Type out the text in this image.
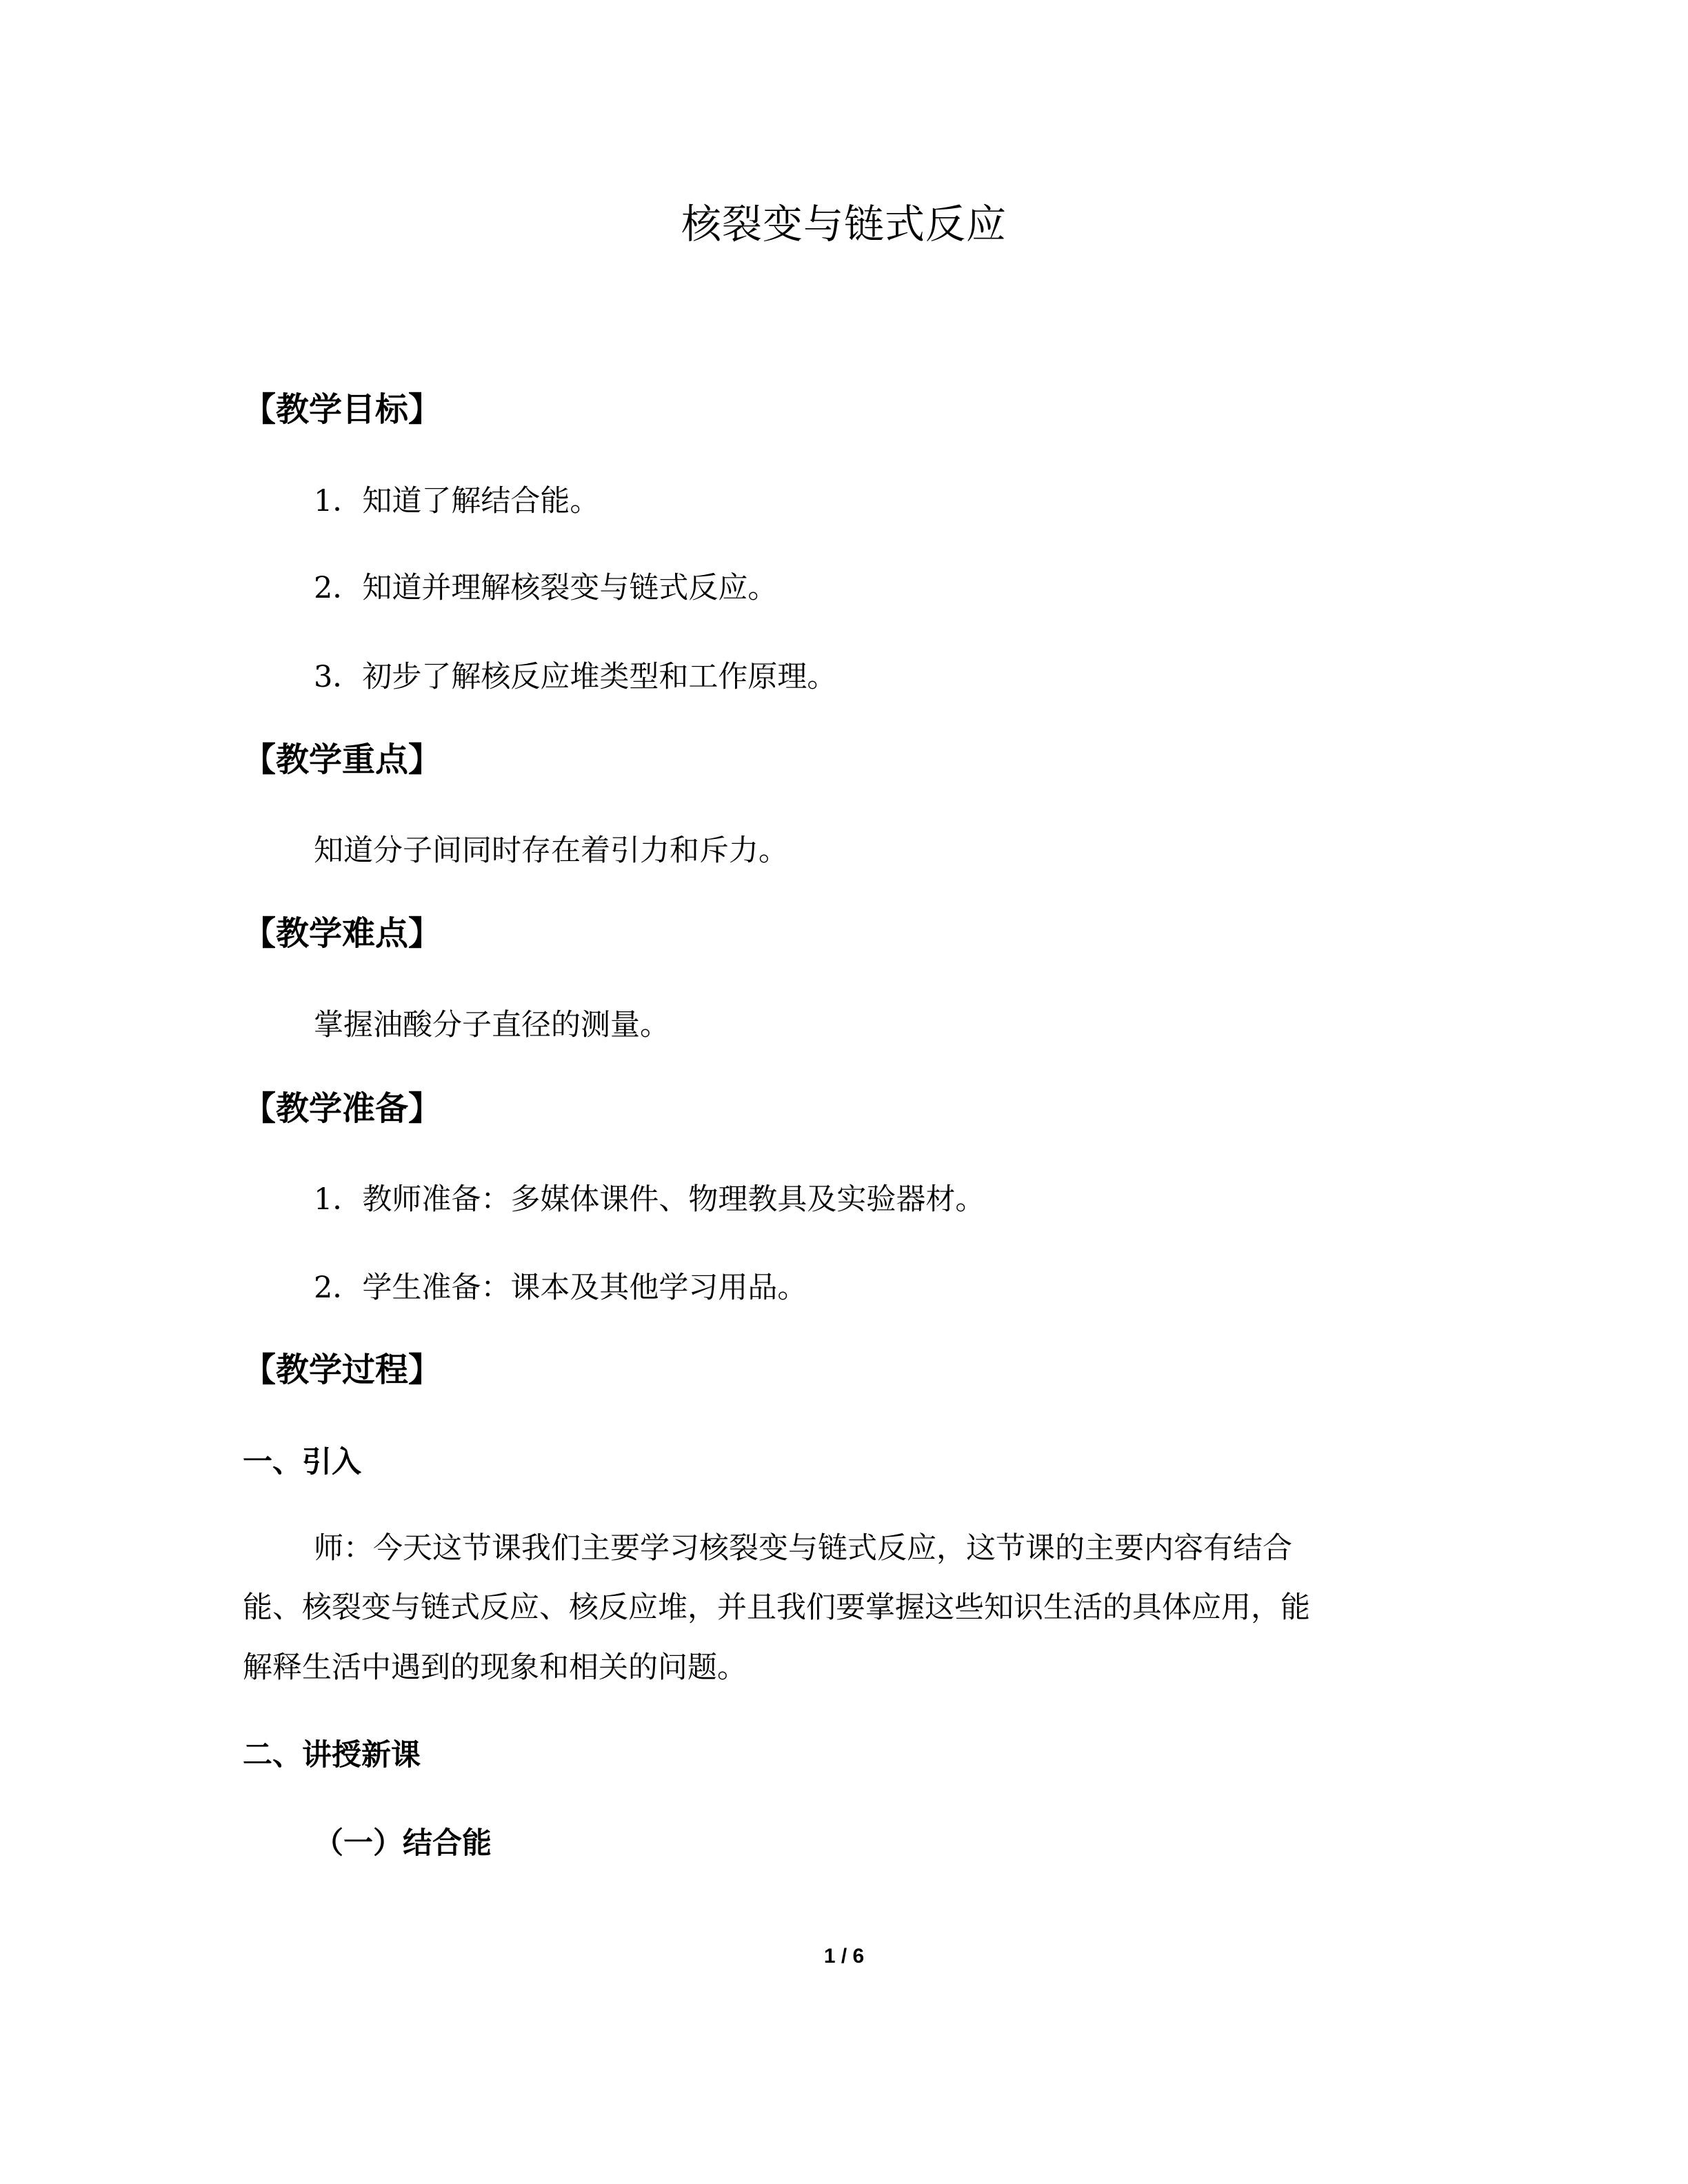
核裂变与链式反应
【教学目标】
1．知道了解结合能。
2．知道并理解核裂变与链式反应。
3．初步了解核反应堆类型和工作原理。
【教学重点】
知道分子间同时存在着引力和斥力。
【教学难点】
掌握油酸分子直径的测量。
【教学准备】
1．教师准备：多媒体课件、物理教具及实验器材。
2．学生准备：课本及其他学习用品。
【教学过程】
一、引入
师：今天这节课我们主要学习核裂变与链式反应，这节课的主要内容有结合
能、核裂变与链式反应、核反应堆，并且我们要掌握这些知识生活的具体应用，能
解释生活中遇到的现象和相关的问题。
二、讲授新课
（一）结合能
1 / 6
